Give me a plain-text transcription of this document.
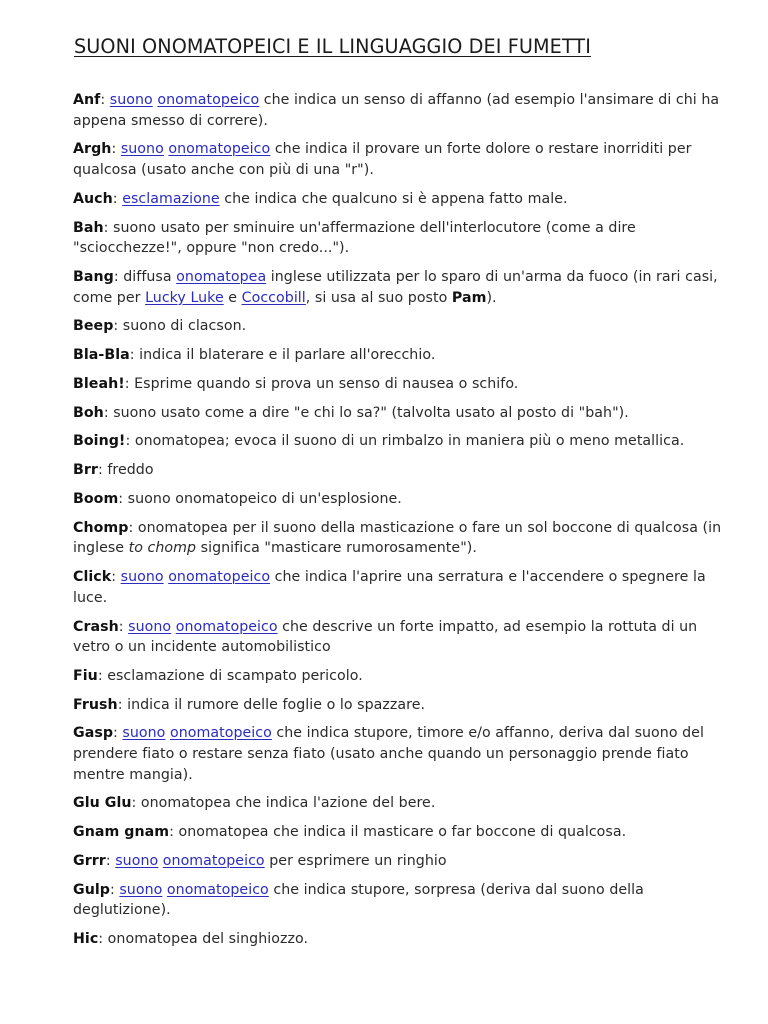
SUONI ONOMATOPEICI E IL LINGUAGGIO DEI FUMETTI

Anf: suono onomatopeico che indica un senso di affanno (ad esempio l'ansimare di chi ha appena smesso di correre).

Argh: suono onomatopeico che indica il provare un forte dolore o restare inorriditi per qualcosa (usato anche con più di una "r").

Auch: esclamazione che indica che qualcuno si è appena fatto male.

Bah: suono usato per sminuire un'affermazione dell'interlocutore (come a dire "sciocchezze!", oppure "non credo...").

Bang: diffusa onomatopea inglese utilizzata per lo sparo di un'arma da fuoco (in rari casi, come per Lucky Luke e Coccobill, si usa al suo posto Pam).

Beep: suono di clacson.

Bla-Bla: indica il blaterare e il parlare all'orecchio.

Bleah!: Esprime quando si prova un senso di nausea o schifo.

Boh: suono usato come a dire "e chi lo sa?" (talvolta usato al posto di "bah").

Boing!: onomatopea; evoca il suono di un rimbalzo in maniera più o meno metallica.

Brr: freddo

Boom: suono onomatopeico di un'esplosione.

Chomp: onomatopea per il suono della masticazione o fare un sol boccone di qualcosa (in inglese to chomp significa "masticare rumorosamente").

Click: suono onomatopeico che indica l'aprire una serratura e l'accendere o spegnere la luce.

Crash: suono onomatopeico che descrive un forte impatto, ad esempio la rottuta di un vetro o un incidente automobilistico

Fiu: esclamazione di scampato pericolo.

Frush: indica il rumore delle foglie o lo spazzare.

Gasp: suono onomatopeico che indica stupore, timore e/o affanno, deriva dal suono del prendere fiato o restare senza fiato (usato anche quando un personaggio prende fiato mentre mangia).

Glu Glu: onomatopea che indica l'azione del bere.

Gnam gnam: onomatopea che indica il masticare o far boccone di qualcosa.

Grrr: suono onomatopeico per esprimere un ringhio

Gulp: suono onomatopeico che indica stupore, sorpresa (deriva dal suono della deglutizione).

Hic: onomatopea del singhiozzo.
